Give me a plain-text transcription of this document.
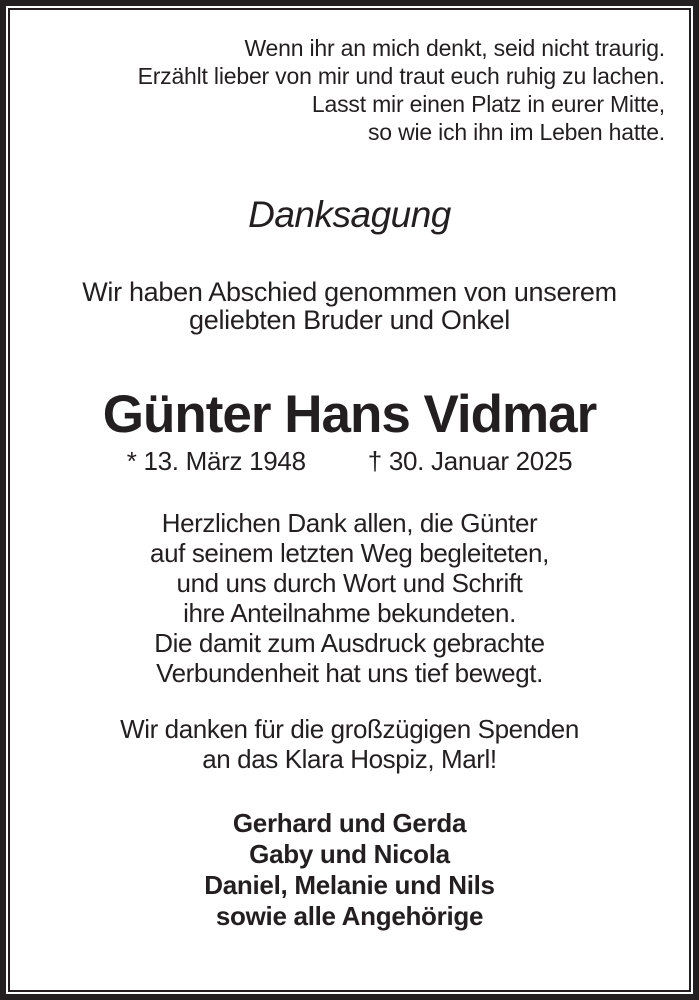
Wenn ihr an mich denkt, seid nicht traurig.
Erzählt lieber von mir und traut euch ruhig zu lachen.
Lasst mir einen Platz in eurer Mitte,
so wie ich ihn im Leben hatte.
Danksagung
Wir haben Abschied genommen von unserem
geliebten Bruder und Onkel
Günter Hans Vidmar
* 13. März 1948 † 30. Januar 2025
Herzlichen Dank allen, die Günter
auf seinem letzten Weg begleiteten,
und uns durch Wort und Schrift
ihre Anteilnahme bekundeten.
Die damit zum Ausdruck gebrachte
Verbundenheit hat uns tief bewegt.
Wir danken für die großzügigen Spenden
an das Klara Hospiz, Marl!
Gerhard und Gerda
Gaby und Nicola
Daniel, Melanie und Nils
sowie alle Angehörige
